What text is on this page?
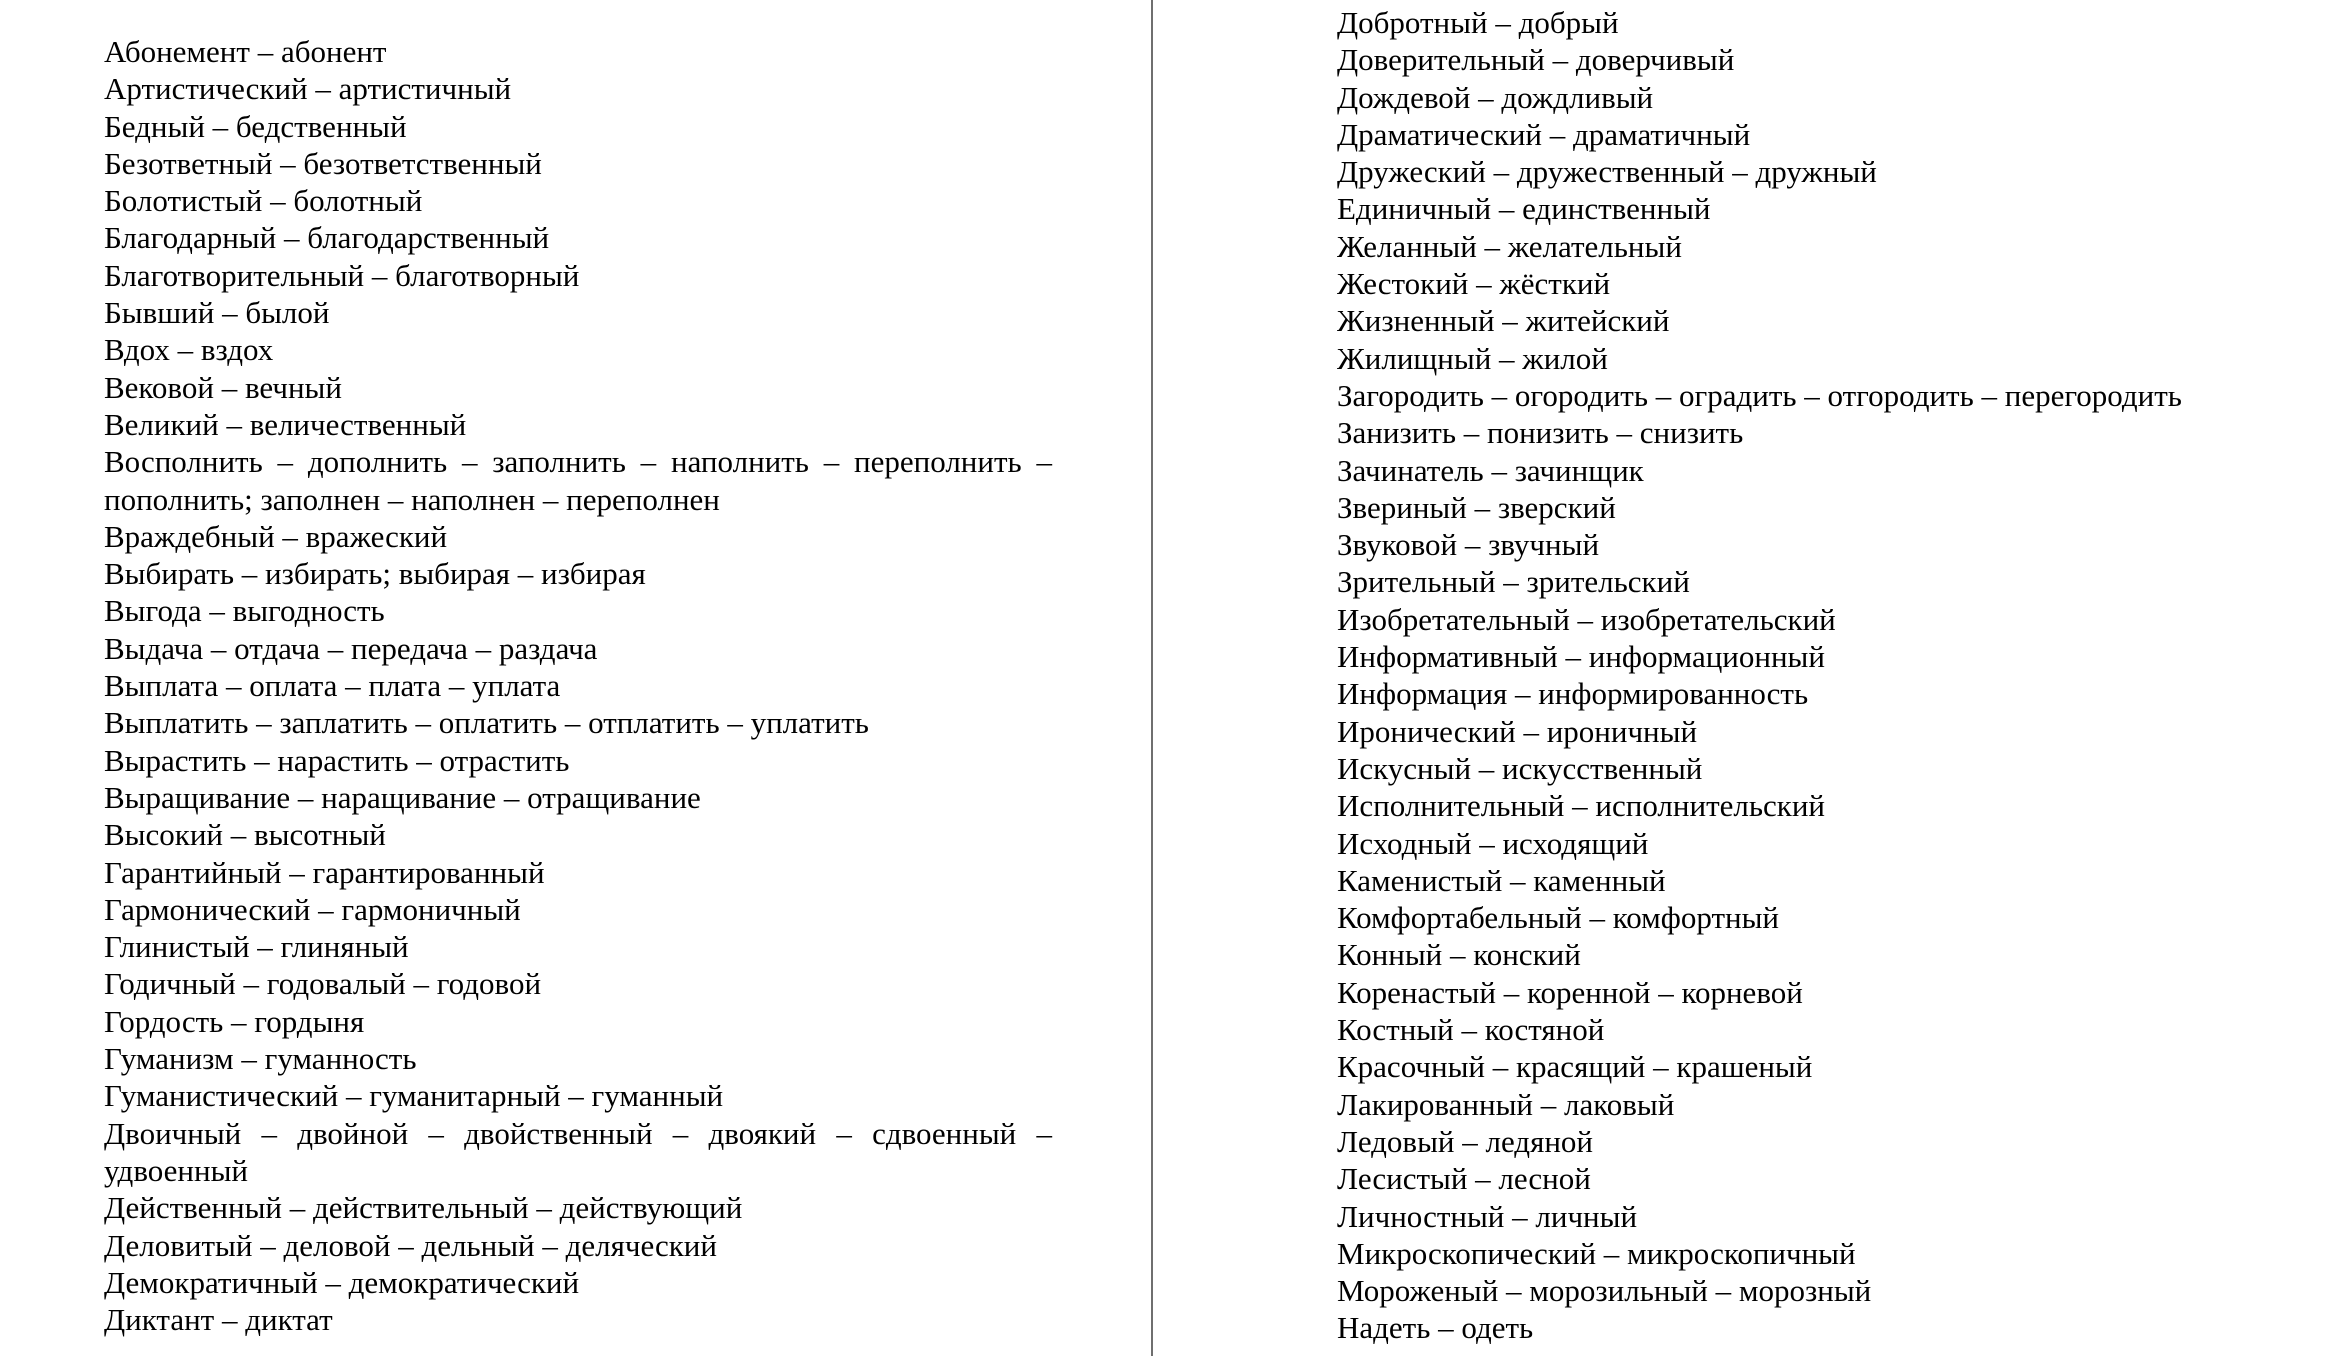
Абонемент – абонент
Артистический – артистичный
Бедный – бедственный
Безответный – безответственный
Болотистый – болотный
Благодарный – благодарственный
Благотворительный – благотворный
Бывший – былой
Вдох – вздох
Вековой – вечный
Великий – величественный
Восполнить – дополнить – заполнить – наполнить – переполнить –
пополнить; заполнен – наполнен – переполнен
Враждебный – вражеский
Выбирать – избирать; выбирая – избирая
Выгода – выгодность
Выдача – отдача – передача – раздача
Выплата – оплата – плата – уплата
Выплатить – заплатить – оплатить – отплатить – уплатить
Вырастить – нарастить – отрастить
Выращивание – наращивание – отращивание
Высокий – высотный
Гарантийный – гарантированный
Гармонический – гармоничный
Глинистый – глиняный
Годичный – годовалый – годовой
Гордость – гордыня
Гуманизм – гуманность
Гуманистический – гуманитарный – гуманный
Двоичный – двойной – двойственный – двоякий – сдвоенный –
удвоенный
Действенный – действительный – действующий
Деловитый – деловой – дельный – деляческий
Демократичный – демократический
Диктант – диктат
Добротный – добрый
Доверительный – доверчивый
Дождевой – дождливый
Драматический – драматичный
Дружеский – дружественный – дружный
Единичный – единственный
Желанный – желательный
Жестокий – жёсткий
Жизненный – житейский
Жилищный – жилой
Загородить – огородить – оградить – отгородить – перегородить
Занизить – понизить – снизить
Зачинатель – зачинщик
Звериный – зверский
Звуковой – звучный
Зрительный – зрительский
Изобретательный – изобретательский
Информативный – информационный
Информация – информированность
Иронический – ироничный
Искусный – искусственный
Исполнительный – исполнительский
Исходный – исходящий
Каменистый – каменный
Комфортабельный – комфортный
Конный – конский
Коренастый – коренной – корневой
Костный – костяной
Красочный – красящий – крашеный
Лакированный – лаковый
Ледовый – ледяной
Лесистый – лесной
Личностный – личный
Микроскопический – микроскопичный
Мороженый – морозильный – морозный
Надеть – одеть
